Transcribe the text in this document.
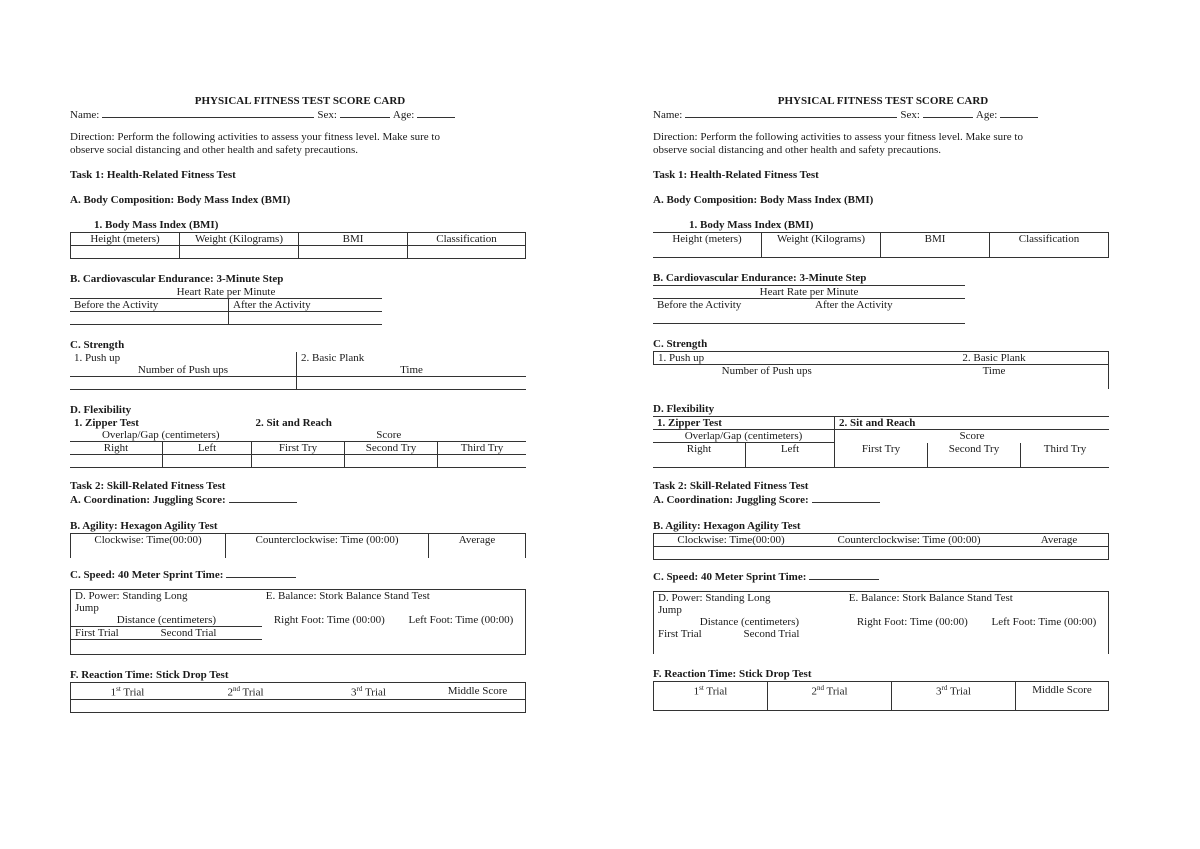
PHYSICAL FITNESS TEST SCORE CARD

Name:	Sex:	Age:
Direction: Perform the following activities to assess your fitness level. Make sure to
observe social distancing and other health and safety precautions.
Task 1: Health-Related Fitness Test
A. Body Composition: Body Mass Index (BMI)
1. Body Mass Index (BMI)
Height (meters)	Weight (Kilograms)	BMI	Classification

B. Cardiovascular Endurance: 3-Minute Step
Heart Rate per Minute	
Before the Activity	After the Activity

C. Strength
1. Push up	2. Basic Plank
Number of Push ups	Time

D. Flexibility
1. Zipper Test		2. Sit and Reach		
Overlap/Gap (centimeters)		Score		
Right	Left	First Try	Second Try	Third Try

Task 2: Skill-Related Fitness Test
A. Coordination: Juggling Score:
B. Agility: Hexagon Agility Test
Clockwise: Time(00:00)	Counterclockwise: Time (00:00)	Average

C. Speed: 40 Meter Sprint Time:
D. Power: Standing Long
Jump		E. Balance: Stork Balance Stand Test	
Distance (centimeters)		Right Foot: Time (00:00)	Left Foot: Time (00:00)
First Trial	Second Trial		

F. Reaction Time: Stick Drop Test
1st Trial	2nd Trial	3rd Trial	Middle Score

PHYSICAL FITNESS TEST SCORE CARD

Name:	Sex:	Age:
Direction: Perform the following activities to assess your fitness level. Make sure to
observe social distancing and other health and safety precautions.
Task 1: Health-Related Fitness Test
A. Body Composition: Body Mass Index (BMI)
1. Body Mass Index (BMI)
Height (meters)	Weight (Kilograms)	BMI	Classification

B. Cardiovascular Endurance: 3-Minute Step
Heart Rate per Minute	
Before the Activity	After the Activity

C. Strength
1. Push up	2. Basic Plank
Number of Push ups	Time

D. Flexibility
1. Zipper Test		2. Sit and Reach		
Overlap/Gap (centimeters)		Score		
Right	Left	First Try	Second Try	Third Try

Task 2: Skill-Related Fitness Test
A. Coordination: Juggling Score:
B. Agility: Hexagon Agility Test
Clockwise: Time(00:00)	Counterclockwise: Time (00:00)	Average

C. Speed: 40 Meter Sprint Time:
D. Power: Standing Long
Jump		E. Balance: Stork Balance Stand Test	
Distance (centimeters)		Right Foot: Time (00:00)	Left Foot: Time (00:00)
First Trial	Second Trial		

F. Reaction Time: Stick Drop Test
1st Trial	2nd Trial	3rd Trial	Middle Score
